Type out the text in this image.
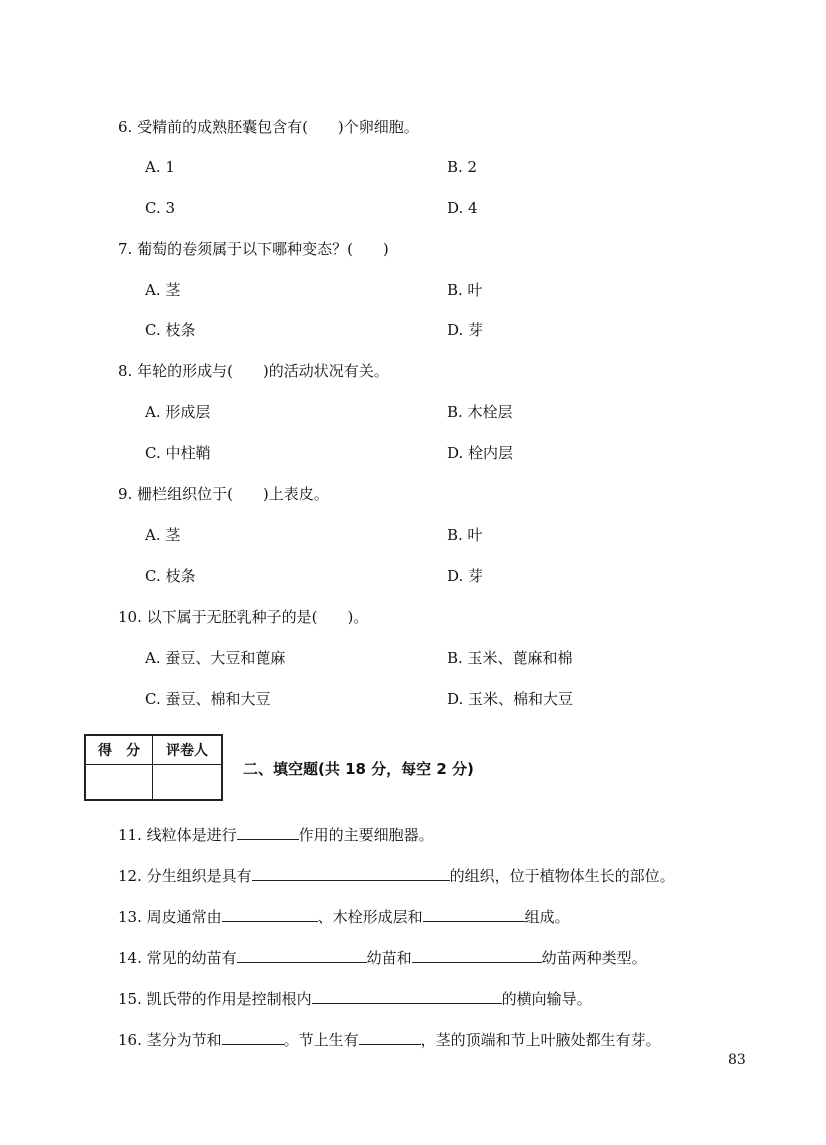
6. 受精前的成熟胚囊包含有(　　)个卵细胞。
A. 1	B. 2
C. 3	D. 4
7. 葡萄的卷须属于以下哪种变态？(　　)
A. 茎	B. 叶
C. 枝条	D. 芽
8. 年轮的形成与(　　)的活动状况有关。
A. 形成层	B. 木栓层
C. 中柱鞘	D. 栓内层
9. 栅栏组织位于(　　)上表皮。
A. 茎	B. 叶
C. 枝条	D. 芽
10. 以下属于无胚乳种子的是(　　)。
A. 蚕豆、大豆和蓖麻	B. 玉米、蓖麻和棉
C. 蚕豆、棉和大豆	D. 玉米、棉和大豆
得　分	评卷人

二、填空题(共 18 分，每空 2 分)
11. 线粒体是进行	作用的主要细胞器。
12. 分生组织是具有	的组织，位于植物体生长的部位。
13. 周皮通常由	、木栓形成层和	组成。
14. 常见的幼苗有	幼苗和	幼苗两种类型。
15. 凯氏带的作用是控制根内	的横向输导。
16. 茎分为节和	。节上生有	，茎的顶端和节上叶腋处都生有芽。
83
